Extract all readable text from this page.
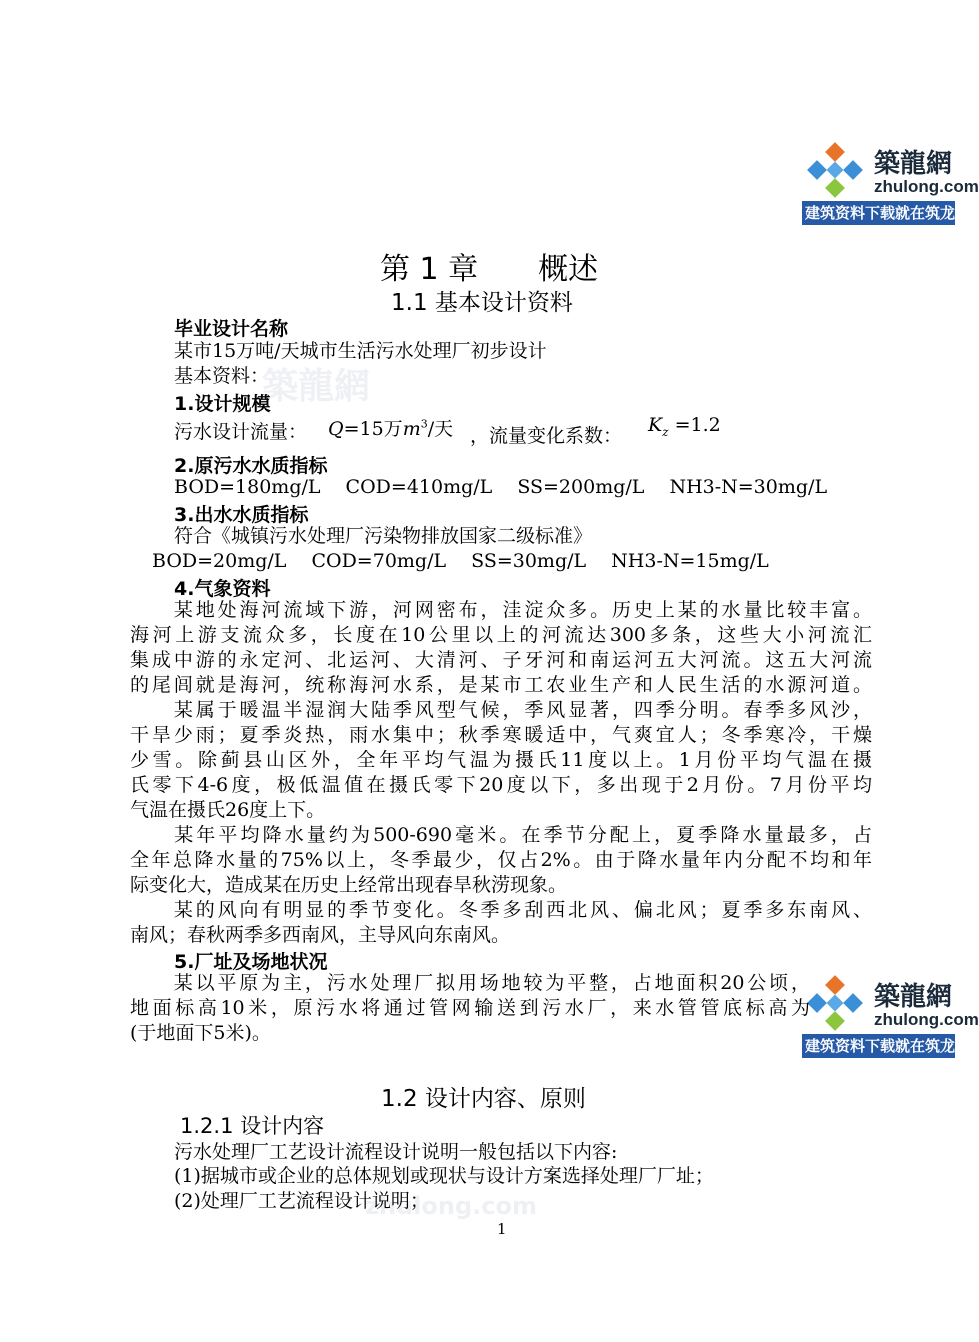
築龍網
zhulong.com
築龍網
zhulong.com
建筑资料下载就在筑龙网
築龍網
zhulong.com
建筑资料下载就在筑龙网
第 1 章　　概述
1.1 基本设计资料
毕业设计名称
某市15万吨/天城市生活污水处理厂初步设计
基本资料：
1.设计规模
污水设计流量： Q=15万$m^3/$天 ，流量变化系数： $K_z =1.2$
2.原污水水质指标
BOD=180mg/L　 COD=410mg/L　 SS=200mg/L　 NH3-N=30mg/L
3.出水水质指标
符合《城镇污水处理厂污染物排放国家二级标准》
BOD=20mg/L　 COD=70mg/L　 SS=30mg/L　 NH3-N=15mg/L
4.气象资料
　　某地处海河流域下游，河网密布，洼淀众多。历史上某的水量比较丰富。
海河上游支流众多，长度在10公里以上的河流达300多条，这些大小河流汇
集成中游的永定河、北运河、大清河、子牙河和南运河五大河流。这五大河流
的尾闾就是海河，统称海河水系，是某市工农业生产和人民生活的水源河道。
　　某属于暖温半湿润大陆季风型气候，季风显著，四季分明。春季多风沙，
干旱少雨；夏季炎热，雨水集中；秋季寒暖适中，气爽宜人；冬季寒冷，干燥
少雪。除蓟县山区外，全年平均气温为摄氏11度以上。1月份平均气温在摄
氏零下4-6度，极低温值在摄氏零下20度以下，多出现于2月份。7月份平均
气温在摄氏26度上下。
　　某年平均降水量约为500-690毫米。在季节分配上，夏季降水量最多，占
全年总降水量的75%以上，冬季最少，仅占2%。由于降水量年内分配不均和年
际变化大，造成某在历史上经常出现春旱秋涝现象。
　　某的风向有明显的季节变化。冬季多刮西北风、偏北风；夏季多东南风、
南风；春秋两季多西南风，主导风向东南风。
5.厂址及场地状况
　　某以平原为主，污水处理厂拟用场地较为平整，占地面积20公顷，
地面标高10米，原污水将通过管网输送到污水厂，来水管管底标高为
(于地面下5米)。
1.2 设计内容、原则
1.2.1 设计内容
污水处理厂工艺设计流程设计说明一般包括以下内容:
(1)据城市或企业的总体规划或现状与设计方案选择处理厂厂址；
(2)处理厂工艺流程设计说明；
1
